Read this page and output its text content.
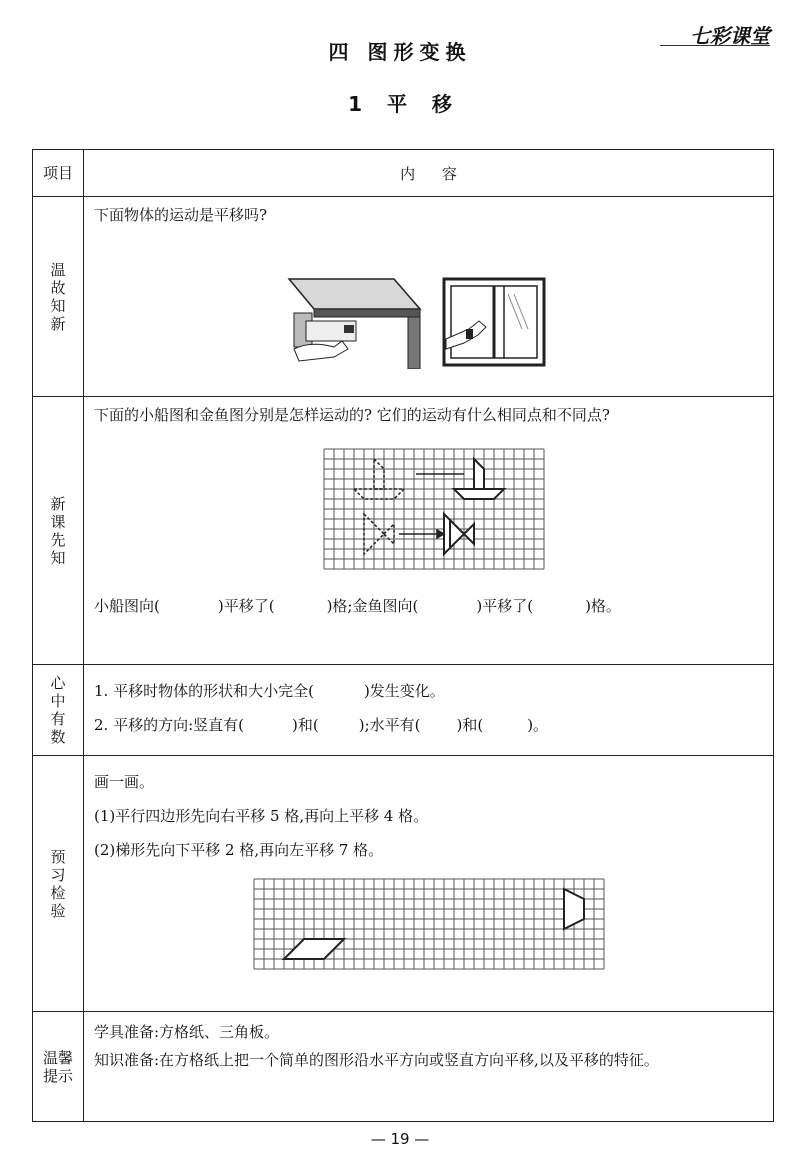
七彩课堂
四 图形变换
1 平 移
项目	内 容

温故知新	下面物体的运动是平移吗?

新课先知	下面的小船图和金鱼图分别是怎样运动的? 它们的运动有什么相同点和不同点?
小船图向( )平移了( )格;金鱼图向( )平移了( )格。

心中有数	1. 平移时物体的形状和大小完全( )发生变化。
2. 平移的方向:竖直有( )和( );水平有( )和( )。

预习检验	画一画。
(1)平行四边形先向右平移 5 格,再向上平移 4 格。
(2)梯形先向下平移 2 格,再向左平移 7 格。

温馨提示	学具准备:方格纸、三角板。
知识准备:在方格纸上把一个简单的图形沿水平方向或竖直方向平移,以及平移的特征。
— 19 —
